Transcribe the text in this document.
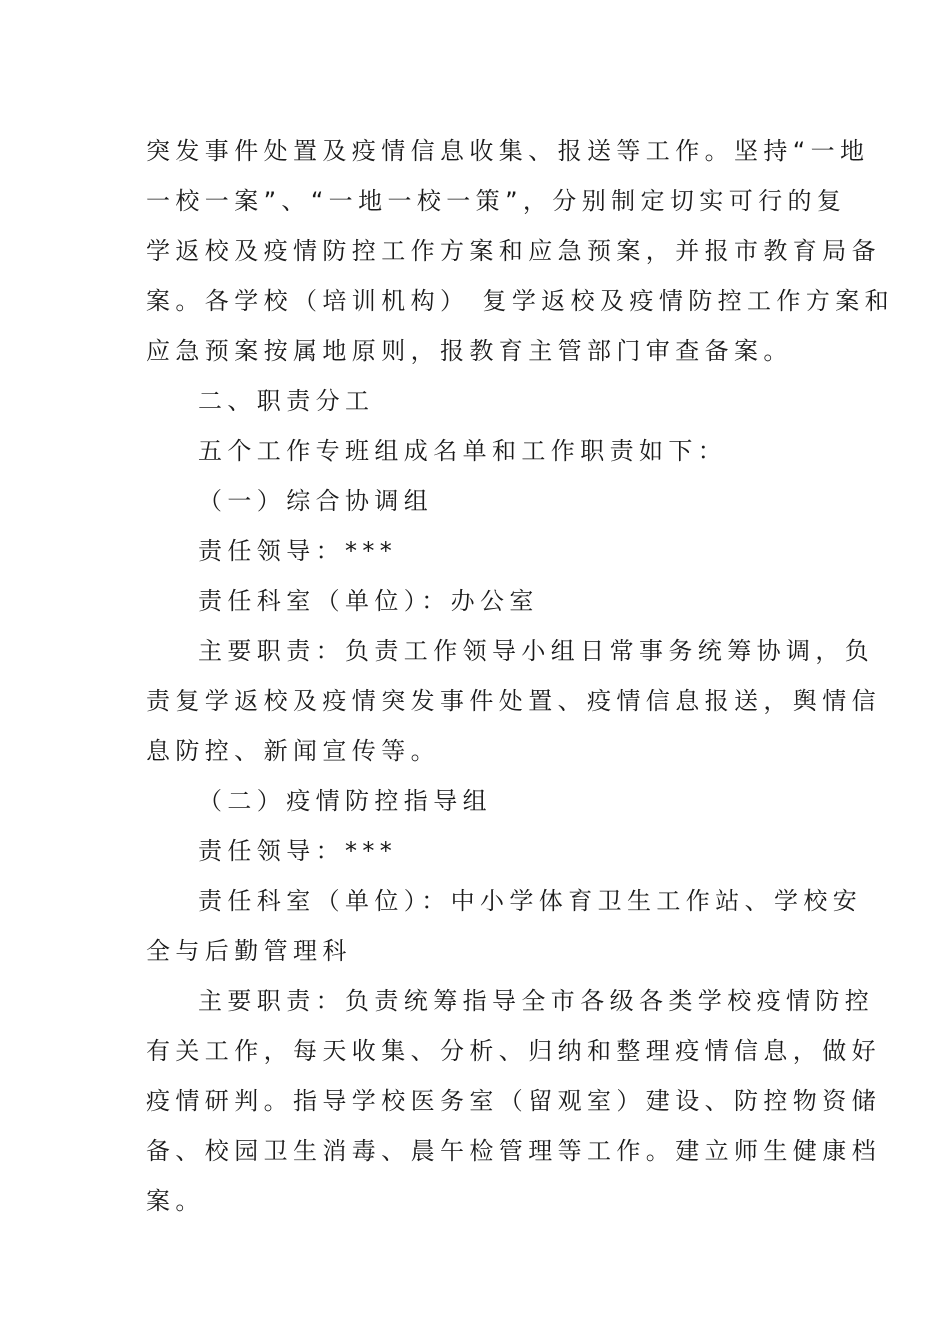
突发事件处置及疫情信息收集、报送等工作。坚持“一地
一校一案”、“一地一校一策”，分别制定切实可行的复
学返校及疫情防控工作方案和应急预案，并报市教育局备
案。各学校（培训机构） 复学返校及疫情防控工作方案和
应急预案按属地原则，报教育主管部门审查备案。
二、职责分工
五个工作专班组成名单和工作职责如下：
（一）综合协调组
责任领导：***
责任科室（单位）：办公室
主要职责：负责工作领导小组日常事务统筹协调，负
责复学返校及疫情突发事件处置、疫情信息报送，舆情信
息防控、新闻宣传等。
（二）疫情防控指导组
责任领导：***
责任科室（单位）：中小学体育卫生工作站、学校安
全与后勤管理科
主要职责：负责统筹指导全市各级各类学校疫情防控
有关工作，每天收集、分析、归纳和整理疫情信息，做好
疫情研判。指导学校医务室（留观室）建设、防控物资储
备、校园卫生消毒、晨午检管理等工作。建立师生健康档
案。
